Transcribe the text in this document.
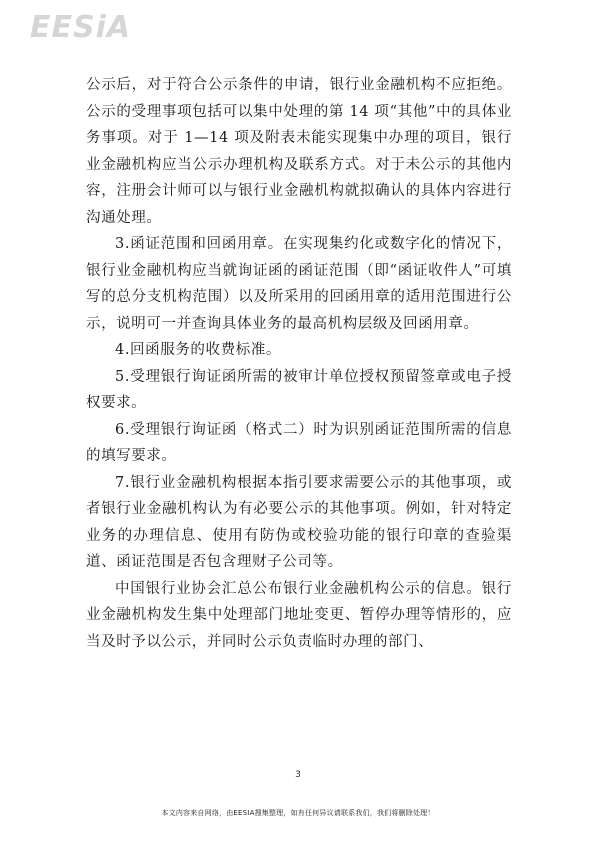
EESiA

公示后，对于符合公示条件的申请，银行业金融机构不应拒绝。公示的受理事项包括可以集中处理的第 14 项“其他”中的具体业务事项。对于 1—14 项及附表未能实现集中办理的项目，银行业金融机构应当公示办理机构及联系方式。对于未公示的其他内容，注册会计师可以与银行业金融机构就拟确认的具体内容进行沟通处理。

3.函证范围和回函用章。在实现集约化或数字化的情况下，银行业金融机构应当就询证函的函证范围（即“函证收件人”可填写的总分支机构范围）以及所采用的回函用章的适用范围进行公示，说明可一并查询具体业务的最高机构层级及回函用章。

4.回函服务的收费标准。

5.受理银行询证函所需的被审计单位授权预留签章或电子授权要求。

6.受理银行询证函（格式二）时为识别函证范围所需的信息的填写要求。

7.银行业金融机构根据本指引要求需要公示的其他事项，或者银行业金融机构认为有必要公示的其他事项。例如，针对特定业务的办理信息、使用有防伪或校验功能的银行印章的查验渠道、函证范围是否包含理财子公司等。

中国银行业协会汇总公布银行业金融机构公示的信息。银行业金融机构发生集中处理部门地址变更、暂停办理等情形的，应当及时予以公示，并同时公示负责临时办理的部门、

3
本文内容来自网络，由EESIA搜集整理，如有任何异议请联系我们，我们将删除处理！
